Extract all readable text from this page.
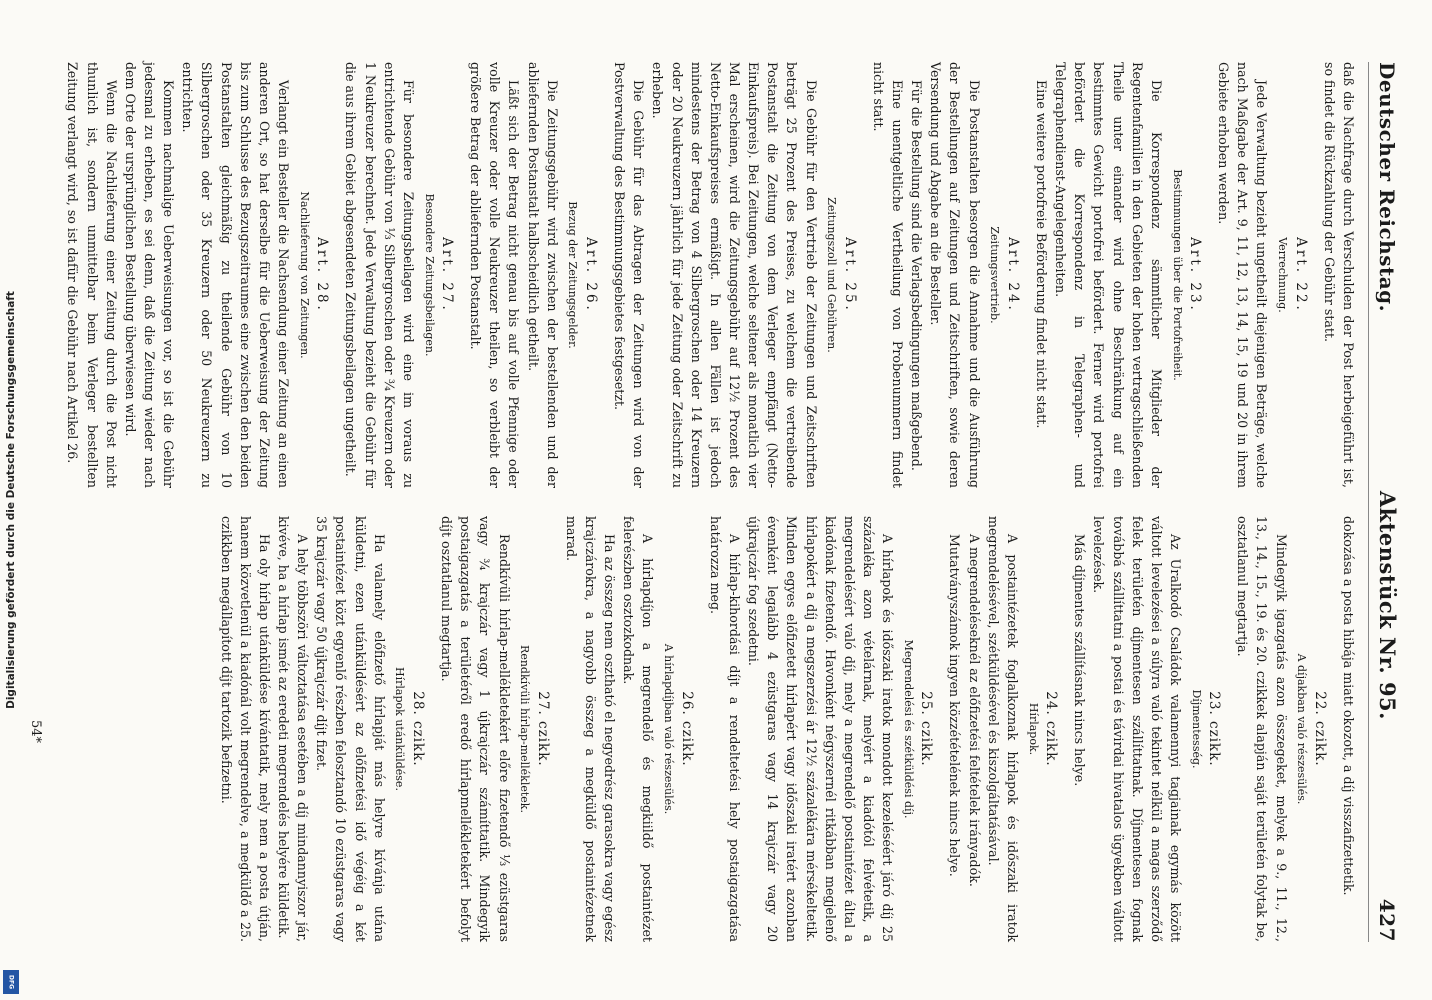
Deutscher Reichstag.
Aktenstück Nr. 95.
427

daß die Nachfrage durch Verschulden der Post herbeigeführt ist, so findet die Rückzahlung der Gebühr statt.

Art. 22.
Verrechnung.

Jede Verwaltung bezieht ungetheilt diejenigen Beträge, welche nach Maßgabe der Art. 9, 11, 12, 13, 14, 15, 19 und 20 in ihrem Gebiete erhoben werden.

Art. 23.
Bestimmungen über die Portofreiheit.

Die Korrespondenz sämmtlicher Mitglieder der Regentenfamilien in den Gebieten der hohen vertragschließenden Theile unter einander wird ohne Beschränkung auf ein bestimmtes Gewicht portofrei befördert. Ferner wird portofrei befördert die Korrespondenz in Telegraphen- und Telegraphendienst-Angelegenheiten.

Eine weitere portofreie Beförderung findet nicht statt.

Art. 24.
Zeitungsvertrieb.

Die Postanstalten besorgen die Annahme und die Ausführung der Bestellungen auf Zeitungen und Zeitschriften, sowie deren Versendung und Abgabe an die Besteller.

Für die Bestellung sind die Verlagsbedingungen maßgebend.

Eine unentgeltliche Vertheilung von Probenummern findet nicht statt.

Art. 25.
Zeitungszoll und Gebühren.

Die Gebühr für den Vertrieb der Zeitungen und Zeitschriften beträgt 25 Prozent des Preises, zu welchem die vertreibende Postanstalt die Zeitung von dem Verleger empfängt (Netto-Einkaufspreis). Bei Zeitungen, welche seltener als monatlich vier Mal erscheinen, wird die Zeitungsgebühr auf 12½ Prozent des Netto-Einkaufspreises ermäßigt. In allen Fällen ist jedoch mindestens der Betrag von 4 Silbergroschen oder 14 Kreuzern oder 20 Neukreuzern jährlich für jede Zeitung oder Zeitschrift zu erheben.

Die Gebühr für das Abtragen der Zeitungen wird von der Postverwaltung des Bestimmungsgebietes festgesetzt.

Art. 26.
Bezug der Zeitungsgelder.

Die Zeitungsgebühr wird zwischen der bestellenden und der abliefernden Postanstalt halbscheidlich getheilt.

Läßt sich der Betrag nicht genau bis auf volle Pfennige oder volle Kreuzer oder volle Neukreuzer theilen, so verbleibt der größere Betrag der abliefernden Postanstalt.

Art. 27.
Besondere Zeitungsbeilagen.

Für besondere Zeitungsbeilagen wird eine im voraus zu entrichtende Gebühr von ⅓ Silbergroschen oder ¾ Kreuzern oder 1 Neukreuzer berechnet. Jede Verwaltung bezieht die Gebühr für die aus ihrem Gebiet abgesendeten Zeitungsbeilagen ungetheilt.

Art. 28.
Nachlieferung von Zeitungen.

Verlangt ein Besteller die Nachsendung einer Zeitung an einen anderen Ort, so hat derselbe für die Ueberweisung der Zeitung bis zum Schlusse des Bezugszeitraumes eine zwischen den beiden Postanstalten gleichmäßig zu theilende Gebühr von 10 Silbergroschen oder 35 Kreuzern oder 50 Neukreuzern zu entrichten.

Kommen nachmalige Ueberweisungen vor, so ist die Gebühr jedesmal zu erheben, es sei denn, daß die Zeitung wieder nach dem Orte der ursprünglichen Bestellung überwiesen wird.

Wenn die Nachlieferung einer Zeitung durch die Post nicht thunlich ist, sondern unmittelbar beim Verleger bestellten Zeitung verlangt wird, so ist dafür die Gebühr nach Artikel 26.

dokozása a posta hibája miatt okozott, a díj visszafizettetik.

22. czikk.
A díjakban való részesülés.

Mindegyik igazgatás azon összegeket, melyek a 9., 11., 12., 13., 14., 15., 19. és 20. czikkek alapján saját területén folytak be, osztatlanul megtartja.

23. czikk.
Díjmentesség.

Az Uralkodó Családok valamennyi tagjainak egymás között váltott levelezései a súlyra való tekintet nélkül a magas szerződő felek területén díjmentesen szállíttatnak. Díjmentesen fognak továbbá szállíttatni a postai és távirdai hivatalos ügyekben váltott levelezések.

Más díjmentes szállításnak nincs helye.

24. czikk.
Hírlapok.

A postaintézetek foglalkoznak hírlapok és időszaki iratok megrendelésével, szétküldésével és kiszolgáltatásával.

A megrendeléseknél az előfizetési feltételek irányadók.

Mutatványszámok ingyen közzétételének nincs helye.

25. czikk.
Megrendelési és szétküldési díj.

A hírlapok és időszaki iratok mondott kezeléséért járó díj 25 százaléka azon vételárnak, melyért a kiadótól felvétetik, a megrendelésért való díj, mely a megrendelő postaintézet által a kiadónak fizetendő. Havonként négyszernél ritkábban megjelenő hírlapokért a díj a megszerzési ár 12½ százalékára mérsékeltetik. Minden egyes előfizetett hírlapért vagy időszaki iratért azonban évenként legalább 4 ezüstgaras vagy 14 krajczár vagy 20 újkrajczár fog szedetni.

A hírlap-kihordási díjt a rendeltetési hely postaigazgatása határozza meg.

26. czikk.
A hírlapdíjban való részesülés.

A hírlapdíjon a megrendelő és megkiildő postaintézet felerészben osztozkodnak.

Ha az összeg nem osztható el negyedrész garasokra vagy egész krajczárokra, a nagyobb összeg a megküldő postaintézetnek marad.

27. czikk.
Rendkívüli hírlap-mellékletek.

Rendkívüli hírlap-mellékletekért előre fizetendő ⅓ ezüstgaras vagy ¾ krajczár vagy 1 újkrajczár számíttatik. Mindegyik postaigazgatás a területéről eredő hírlapmellékletekért befolyt díjt osztatlanul megtartja.

28. czikk.
Hírlapok utánküldése.

Ha valamely előfizető hírlapját más helyre kívánja utána küldetni, ezen utánküldésért az előfizetési idő végéig a két postaintézet közt egyenlő részben felosztandó 10 ezüstgaras vagy 35 krajczár vagy 50 újkrajczár díjt fizet.

A hely többszöri változtatása esetében a díj mindannyiszor jár, kivéve, ha a hírlap ismét az eredeti megrendelés helyére küldetik.

Ha oly hírlap utánküldése kívántatik, mely nem a posta útján, hanem közvetlenül a kiadónál volt megrendelve, a megküldő a 25. czikkben megállapított díjt tartozik befizetni.

54*
Digitalisierung gefördert durch die Deutsche Forschungsgemeinschaft
DFG
